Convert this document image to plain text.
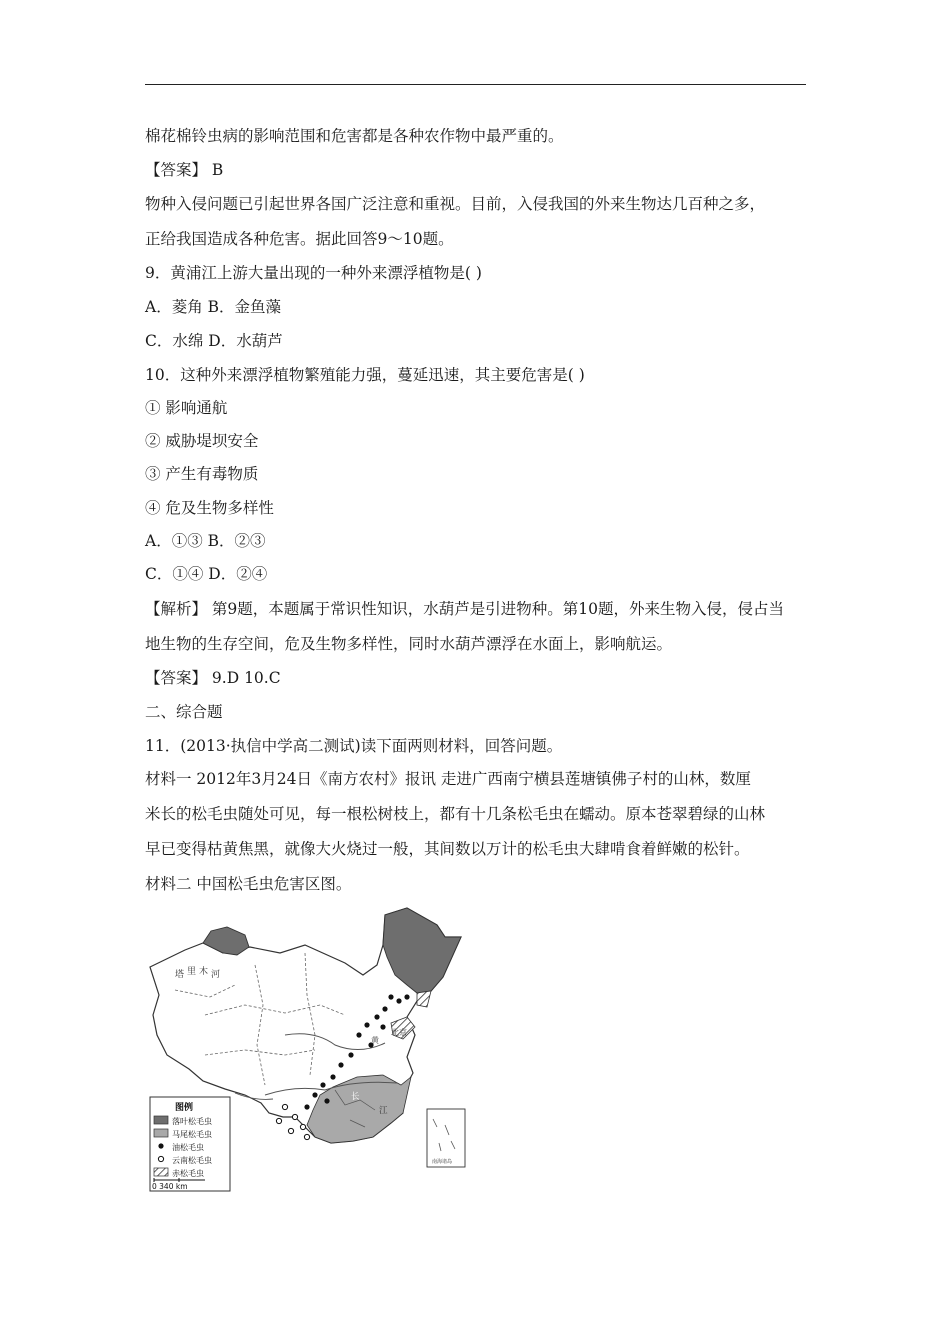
棉花棉铃虫病的影响范围和危害都是各种农作物中最严重的。
【答案】 B
物种入侵问题已引起世界各国广泛注意和重视。目前，入侵我国的外来生物达几百种之多，
正给我国造成各种危害。据此回答9～10题。
9．黄浦江上游大量出现的一种外来漂浮植物是( )
A．菱角 B．金鱼藻
C．水绵 D．水葫芦
10．这种外来漂浮植物繁殖能力强，蔓延迅速，其主要危害是( )
① 影响通航
② 威胁堤坝安全
③ 产生有毒物质
④ 危及生物多样性
A．①③ B．②③
C．①④ D．②④
【解析】 第9题，本题属于常识性知识，水葫芦是引进物种。第10题，外来生物入侵，侵占当
地生物的生存空间，危及生物多样性，同时水葫芦漂浮在水面上，影响航运。
【答案】 9.D 10.C
二、综合题
11．(2013·执信中学高二测试)读下面两则材料，回答问题。
材料一 2012年3月24日《南方农村》报讯 走进广西南宁横县莲塘镇佛子村的山林，数厘
米长的松毛虫随处可见，每一根松树枝上，都有十几条松毛虫在蠕动。原本苍翠碧绿的山林
早已变得枯黄焦黑，就像大火烧过一般，其间数以万计的松毛虫大肆啃食着鲜嫩的松针。
材料二 中国松毛虫危害区图。
塔 里 木 河
北京
黄
长
江
南海诸岛
图例
落叶松毛虫
马尾松毛虫
油松毛虫
云南松毛虫
赤松毛虫
0 340 km
